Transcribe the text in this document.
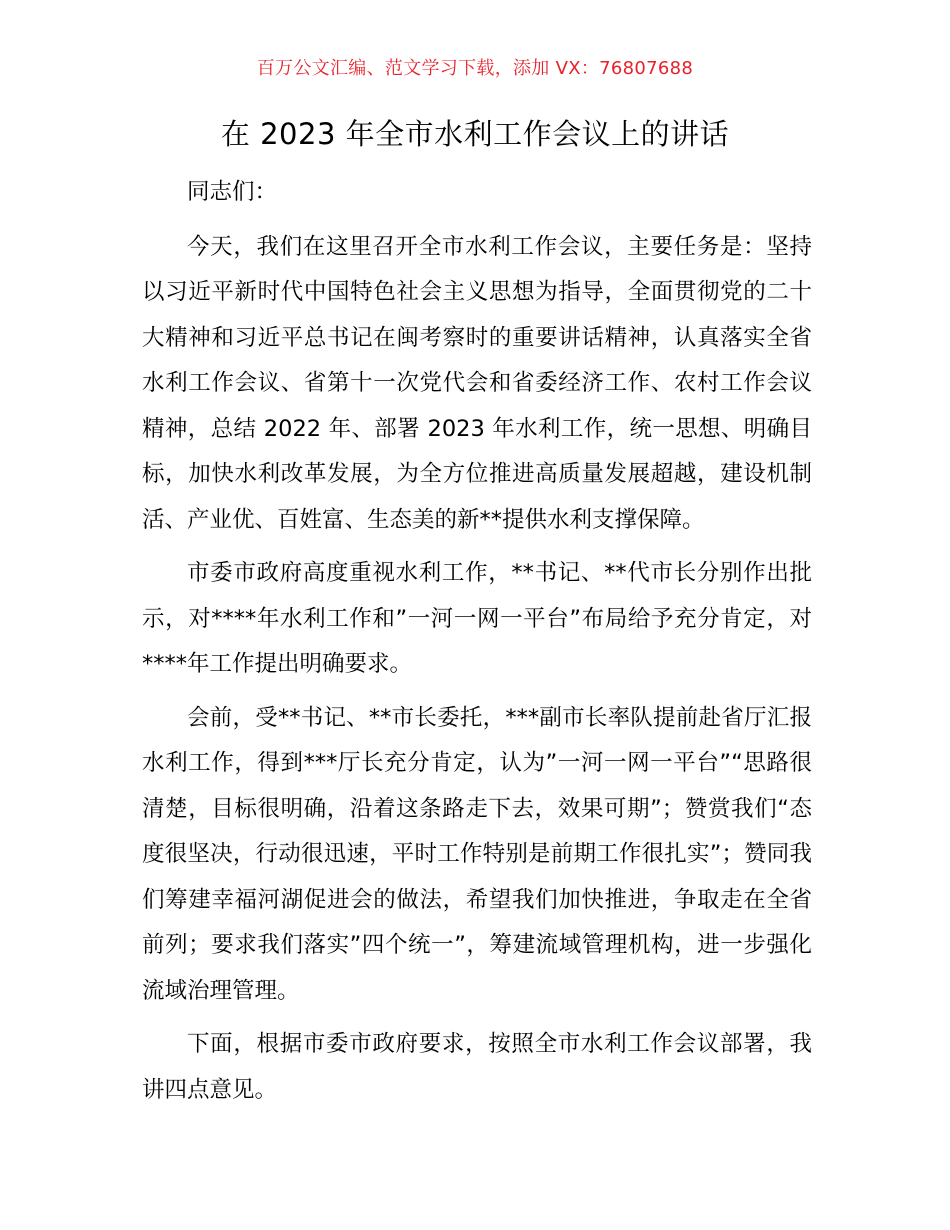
百万公文汇编、范文学习下载，添加 VX：76807688
在 2023 年全市水利工作会议上的讲话

同志们：

今天，我们在这里召开全市水利工作会议，主要任务是：坚持以习近平新时代中国特色社会主义思想为指导，全面贯彻党的二十大精神和习近平总书记在闽考察时的重要讲话精神，认真落实全省水利工作会议、省第十一次党代会和省委经济工作、农村工作会议精神，总结 2022 年、部署 2023 年水利工作，统一思想、明确目标，加快水利改革发展，为全方位推进高质量发展超越，建设机制活、产业优、百姓富、生态美的新**提供水利支撑保障。

市委市政府高度重视水利工作，**书记、**代市长分别作出批示，对****年水利工作和”一河一网一平台”布局给予充分肯定，对****年工作提出明确要求。

会前，受**书记、**市长委托，***副市长率队提前赴省厅汇报水利工作，得到***厅长充分肯定，认为”一河一网一平台”“思路很清楚，目标很明确，沿着这条路走下去，效果可期”；赞赏我们“态度很坚决，行动很迅速，平时工作特别是前期工作很扎实”；赞同我们筹建幸福河湖促进会的做法，希望我们加快推进，争取走在全省前列；要求我们落实”四个统一”，筹建流域管理机构，进一步强化流域治理管理。

下面，根据市委市政府要求，按照全市水利工作会议部署，我讲四点意见。
